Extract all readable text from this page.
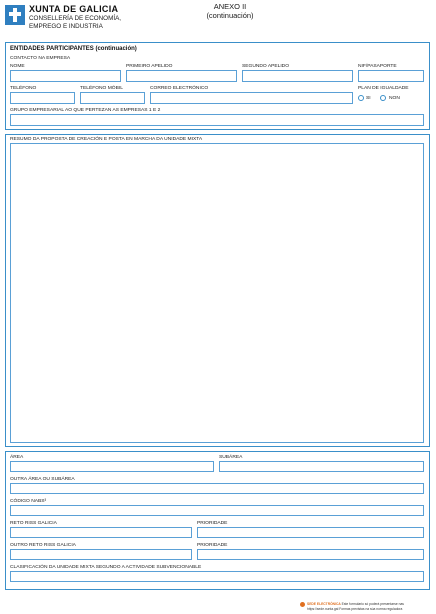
XUNTA DE GALICIA
CONSELLERÍA DE ECONOMÍA,
EMPREGO E INDUSTRIA
ANEXO II
(continuación)
ENTIDADES PARTICIPANTES (continuación)
CONTACTO NA EMPRESA
NOME	PRIMEIRO APELIDO	SEGUNDO APELIDO	NIF/PASAPORTE
TELÉFONO	TELÉFONO MÓBIL	CORREO ELECTRÓNICO	PLAN DE IGUALDADE
SI	NON
GRUPO EMPRESARIAL AO QUE PERTEZAN AS EMPRESAS 1 E 2
RESUMO DA PROPOSTA DE CREACIÓN E POSTA EN MARCHA DA UNIDADE MIXTA
ÁREA	SUBÁREA
OUTRA ÁREA OU SUBÁREA
CÓDIGO NABS³
RETO RISS GALICIA	PRIORIDADE
OUTRO RETO RISS GALICIA	PRIORIDADE
CLASIFICACIÓN DA UNIDADE MIXTA SEGUNDO A ACTIVIDADE SUBVENCIONABLE
SEDE ELECTRÓNICA Este formulario só poderá presentarse nas
https://sede.xunta.gal Formas previstas na súa norma reguladora
